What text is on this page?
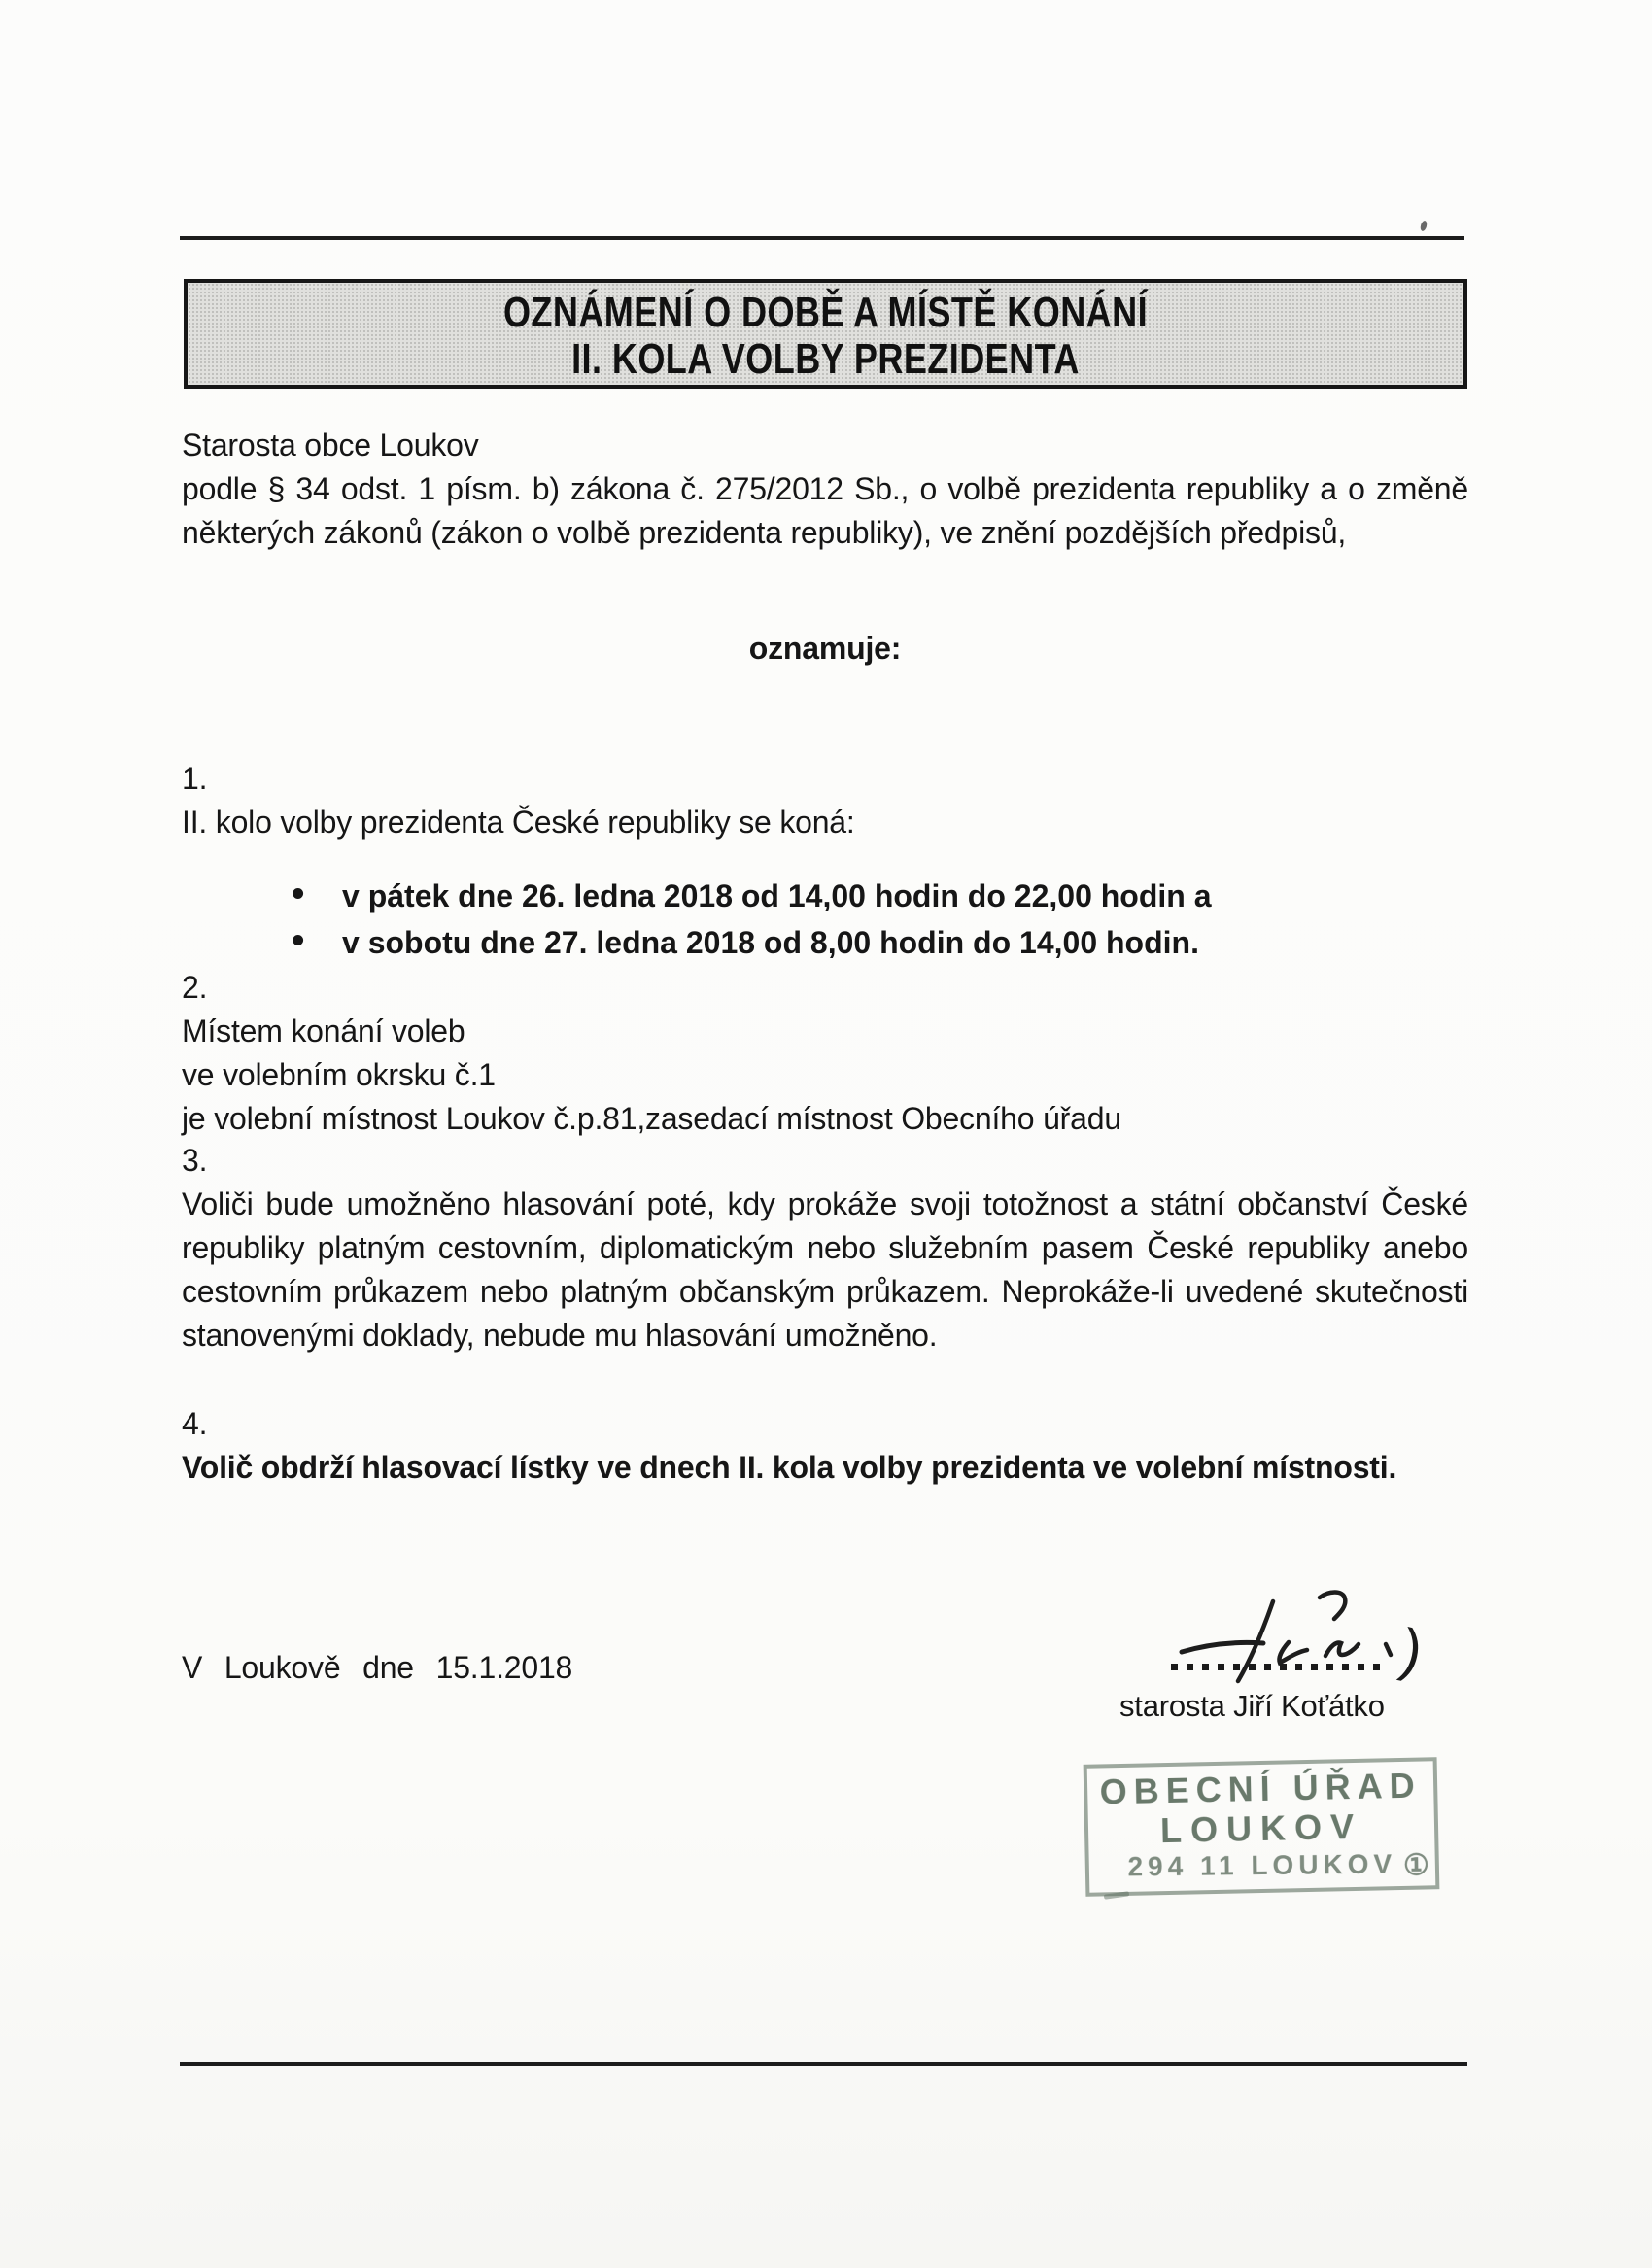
OZNÁMENÍ O DOBĚ A MÍSTĚ KONÁNÍ
II. KOLA VOLBY PREZIDENTA
Starosta obce Loukov
podle § 34 odst. 1 písm. b) zákona č. 275/2012 Sb., o volbě prezidenta republiky a o změně některých zákonů (zákon o volbě prezidenta republiky), ve znění pozdějších předpisů,
oznamuje:
1.
II. kolo volby prezidenta České republiky se koná:
• v pátek dne 26. ledna 2018 od 14,00 hodin do 22,00 hodin a
• v sobotu dne 27. ledna 2018 od 8,00 hodin do 14,00 hodin.
2.
Místem konání voleb
ve volebním okrsku č.1
je volební místnost Loukov č.p.81,zasedací místnost Obecního úřadu
3.
Voliči bude umožněno hlasování poté, kdy prokáže svoji totožnost a státní občanství České republiky platným cestovním, diplomatickým nebo služebním pasem České republiky anebo cestovním průkazem nebo platným občanským průkazem. Neprokáže-li uvedené skutečnosti stanovenými doklady, nebude mu hlasování umožněno.
4.
Volič obdrží hlasovací lístky ve dnech II. kola volby prezidenta ve volební místnosti.
V Loukově dne 15.1.2018	)
starosta Jiří Koťátko
OBECNÍ ÚŘAD
LOUKOV
294 11 LOUKOV ①
